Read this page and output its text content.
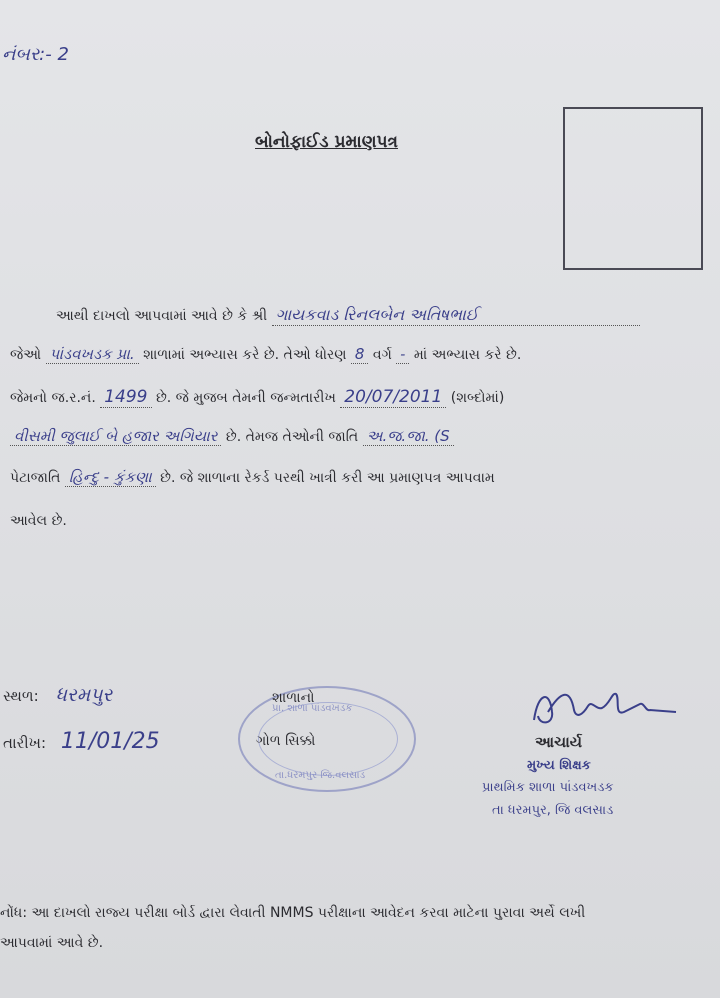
નંબર:- 2
બોનોફાઈડ પ્રમાણપત્ર
આથી દાખલો આપવામાં આવે છે કે શ્રી ગાયકવાડ રિનલબેન અતિષભાઈ
જેઓ પાંડવખડક પ્રા. શાળામાં અભ્યાસ કરે છે. તેઓ ધોરણ 8 વર્ગ - માં અભ્યાસ કરે છે.
જેમનો જ.ર.નં. 1499 છે. જે મુજબ તેમની જન્મતારીખ 20/07/2011 (શબ્દોમાં)
વીસમી જુલાઈ બે હજાર અગિયાર છે. તેમજ તેઓની જાતિ અ.જ.જા. (S
પેટાજાતિ હિન્દુ - કુંકણા છે. જે શાળાના રેકર્ડ પરથી ખાત્રી કરી આ પ્રમાણપત્ર આપવામ
આવેલ છે.
સ્થળ: ધરમપુર
તારીખ: 11/01/25
પ્રા. શાળા પાંડવખડક
તા.ધરમપુર જિ.વલસાડ
શાળાનો
ગોળ સિક્કો	આચાર્ય
મુખ્ય શિક્ષક
પ્રાથમિક શાળા પાંડવખડક
તા ધરમપુર, જિ વલસાડ
નોંધ: આ દાખલો રાજ્ય પરીક્ષા બોર્ડ દ્વારા લેવાતી NMMS પરીક્ષાના આવેદન કરવા માટેના પુરાવા અર્થે લખી
આપવામાં આવે છે.
